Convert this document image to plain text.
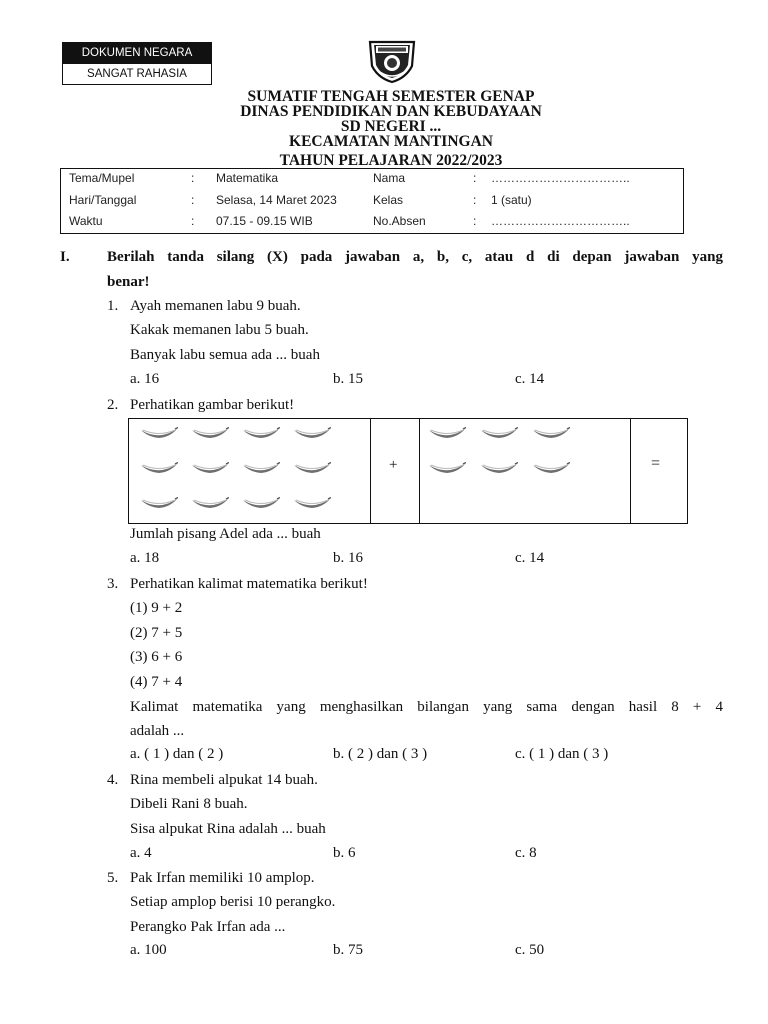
DOKUMEN NEGARA
SANGAT RAHASIA
SUMATIF TENGAH SEMESTER GENAP
DINAS PENDIDIKAN DAN KEBUDAYAAN
SD NEGERI ...
KECAMATAN MANTINGAN
TAHUN PELAJARAN 2022/2023
Tema/Mupel	: Matematika	Nama	: ……………………………..
Hari/Tanggal	: Selasa, 14 Maret 2023	Kelas	: 1 (satu)
Waktu	: 07.15 - 09.15 WIB	No.Absen	: ……………………………..
I. Berilah tanda silang (X) pada jawaban a, b, c, atau d di depan jawaban yang
benar!
1. Ayah memanen labu 9 buah.
Kakak memanen labu 5 buah.
Banyak labu semua ada ... buah
a. 16	b. 15	c. 14
2. Perhatikan gambar berikut!
+	=
Jumlah pisang Adel ada ... buah
a. 18	b. 16	c. 14
3. Perhatikan kalimat matematika berikut!
(1) 9 + 2
(2) 7 + 5
(3) 6 + 6
(4) 7 + 4
Kalimat matematika yang menghasilkan bilangan yang sama dengan hasil 8 + 4
adalah ...
a. ( 1 ) dan ( 2 )	b. ( 2 ) dan ( 3 )	c. ( 1 ) dan ( 3 )
4. Rina membeli alpukat 14 buah.
Dibeli Rani 8 buah.
Sisa alpukat Rina adalah ... buah
a. 4	b. 6	c. 8
5. Pak Irfan memiliki 10 amplop.
Setiap amplop berisi 10 perangko.
Perangko Pak Irfan ada ...
a. 100	b. 75	c. 50
